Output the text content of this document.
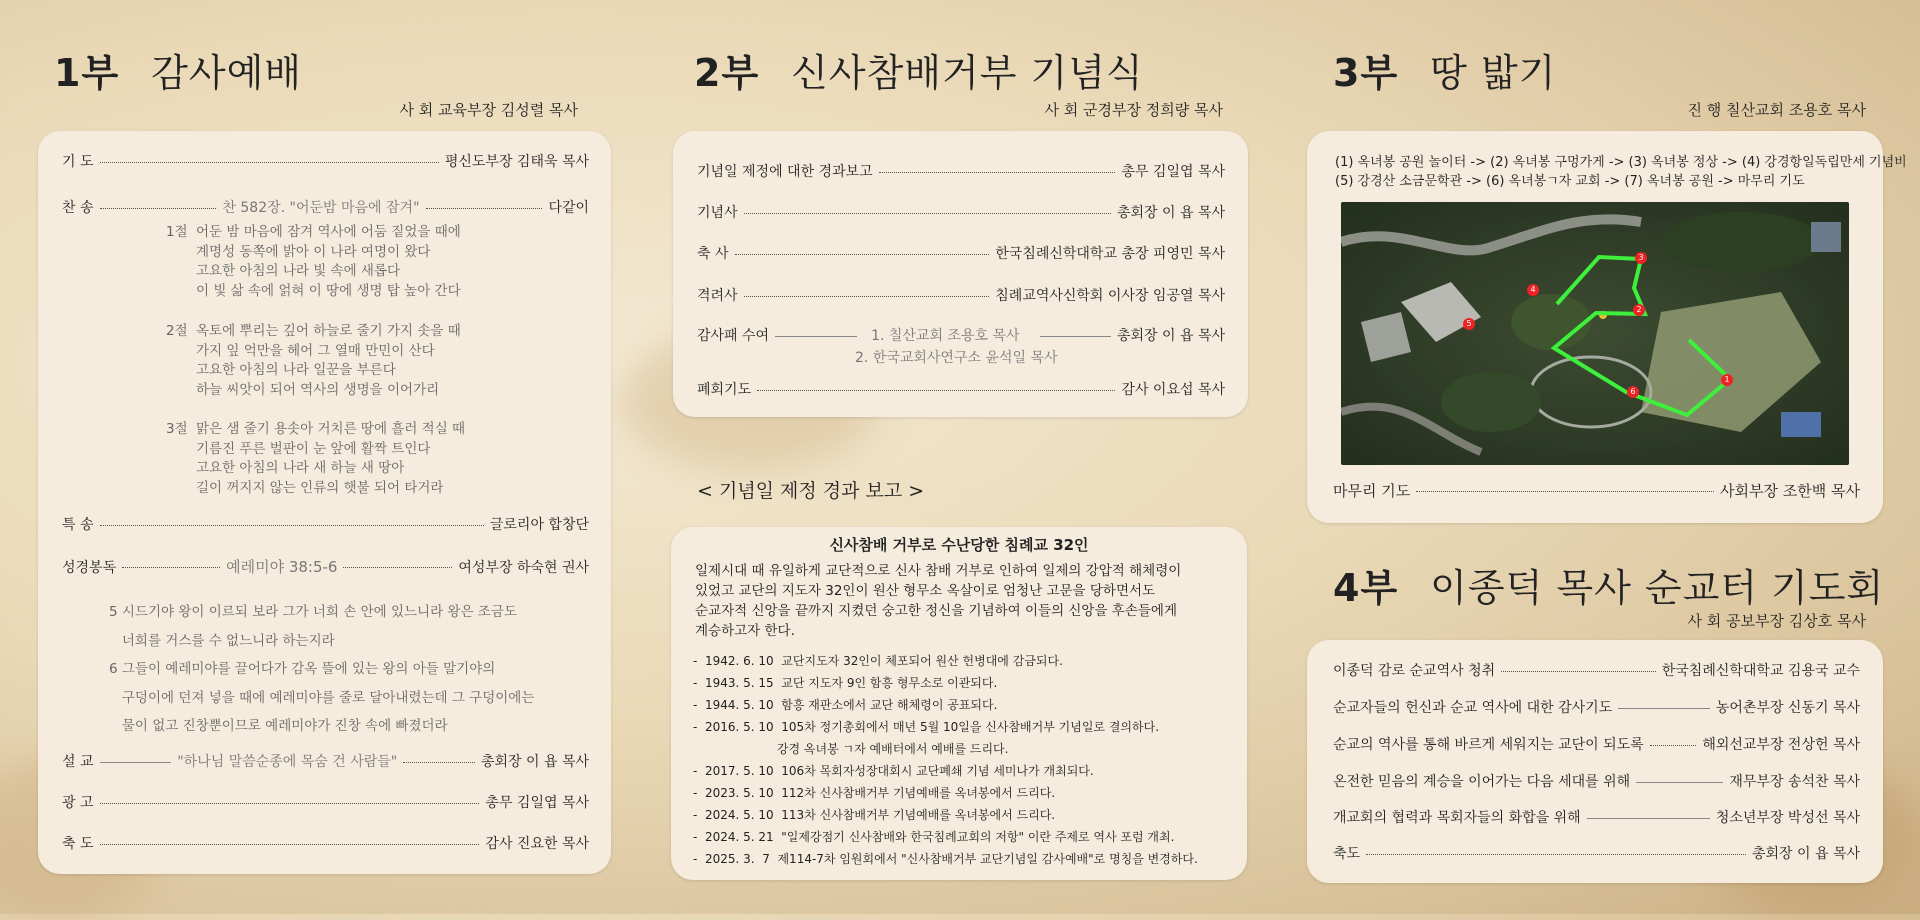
1부 감사예배
사 회 교육부장 김성렬 목사
기 도	평신도부장 김태욱 목사
찬 송	찬 582장. "어둔밤 마음에 잠겨"	다같이
1절 어둔 밤 마음에 잠겨 역사에 어둠 짙었을 때에
계명성 동쪽에 밝아 이 나라 여명이 왔다
고요한 아침의 나라 빛 속에 새롭다
이 빛 삶 속에 얽혀 이 땅에 생명 탑 높아 간다
2절 옥토에 뿌리는 깊어 하늘로 줄기 가지 솟을 때
가지 잎 억만을 헤어 그 열매 만민이 산다
고요한 아침의 나라 일꾼을 부른다
하늘 씨앗이 되어 역사의 생명을 이어가리
3절 맑은 샘 줄기 용솟아 거치른 땅에 흘러 적실 때
기름진 푸른 벌판이 눈 앞에 활짝 트인다
고요한 아침의 나라 새 하늘 새 땅아
길이 꺼지지 않는 인류의 햇불 되어 타거라
특 송	글로리아 합창단
성경봉독	예레미야 38:5-6	여성부장 하숙현 권사
5 시드기야 왕이 이르되 보라 그가 너희 손 안에 있느니라 왕은 조금도
너희를 거스를 수 없느니라 하는지라
6 그들이 예레미야를 끌어다가 감옥 뜰에 있는 왕의 아들 말기야의
구덩이에 던져 넣을 때에 예레미야를 줄로 달아내렸는데 그 구덩이에는
물이 없고 진창뿐이므로 예레미야가 진창 속에 빠졌더라
설 교	"하나님 말씀순종에 목숨 건 사람들"	총회장 이 욥 목사
광 고	총무 김일엽 목사
축 도	감사 진요한 목사
2부 신사참배거부 기념식
사 회 군경부장 정희량 목사
기념일 제정에 대한 경과보고	총무 김일엽 목사
기념사	총회장 이 욥 목사
축 사	한국침례신학대학교 총장 피영민 목사
격려사	침례교역사신학회 이사장 임공열 목사
감사패 수여	1. 칠산교회 조용호 목사	총회장 이 욥 목사
2. 한국교회사연구소 윤석일 목사
폐회기도	감사 이요섭 목사
< 기념일 제정 경과 보고 >
신사참배 거부로 수난당한 침례교 32인
일제시대 때 유일하게 교단적으로 신사 참배 거부로 인하여 일제의 강압적 해체령이
있었고 교단의 지도자 32인이 원산 형무소 옥살이로 엄청난 고문을 당하면서도
순교자적 신앙을 끝까지 지켰던 숭고한 정신을 기념하여 이들의 신앙을 후손들에게
계승하고자 한다.
-  1942. 6. 10  교단지도자 32인이 체포되어 원산 헌병대에 감금되다.
-  1943. 5. 15  교단 지도자 9인 함흥 형무소로 이관되다.
-  1944. 5. 10  함흥 재판소에서 교단 해체령이 공표되다.
-  2016. 5. 10  105차 정기총회에서 매년 5월 10일을 신사참배거부 기념일로 결의하다.
강경 옥녀봉 ㄱ자 예배터에서 예배를 드리다.
-  2017. 5. 10  106차 목회자성장대회시 교단폐쇄 기념 세미나가 개최되다.
-  2023. 5. 10  112차 신사참배거부 기념예배를 옥녀봉에서 드리다.
-  2024. 5. 10  113차 신사참배거부 기념예배를 옥녀봉에서 드리다.
-  2024. 5. 21  "일제강점기 신사참배와 한국침례교회의 저항" 이란 주제로 역사 포럼 개최.
-  2025. 3.  7  제114-7차 임원회에서 "신사참배거부 교단기념일 감사예배"로 명칭을 변경하다.
3부 땅 밟기
진 행 칠산교회 조용호 목사
(1) 옥녀봉 공원 놀이터 -> (2) 옥녀봉 구멍가게 -> (3) 옥녀봉 정상 -> (4) 강경항일독립만세 기념비
(5) 강경산 소금문학관 -> (6) 옥녀봉ㄱ자 교회 -> (7) 옥녀봉 공원 -> 마무리 기도
1
2
3
4
5
6
마무리 기도	사회부장 조한백 목사
4부 이종덕 목사 순교터 기도회
사 회 공보부장 김상호 목사
이종덕 감로 순교역사 청취	한국침례신학대학교 김용국 교수
순교자들의 헌신과 순교 역사에 대한 감사기도	농어촌부장 신동기 목사
순교의 역사를 통해 바르게 세워지는 교단이 되도록	해외선교부장 전상헌 목사
온전한 믿음의 계승을 이어가는 다음 세대를 위해	재무부장 송석찬 목사
개교회의 협력과 목회자들의 화합을 위해	청소년부장 박성선 목사
축도	총회장 이 욥 목사
